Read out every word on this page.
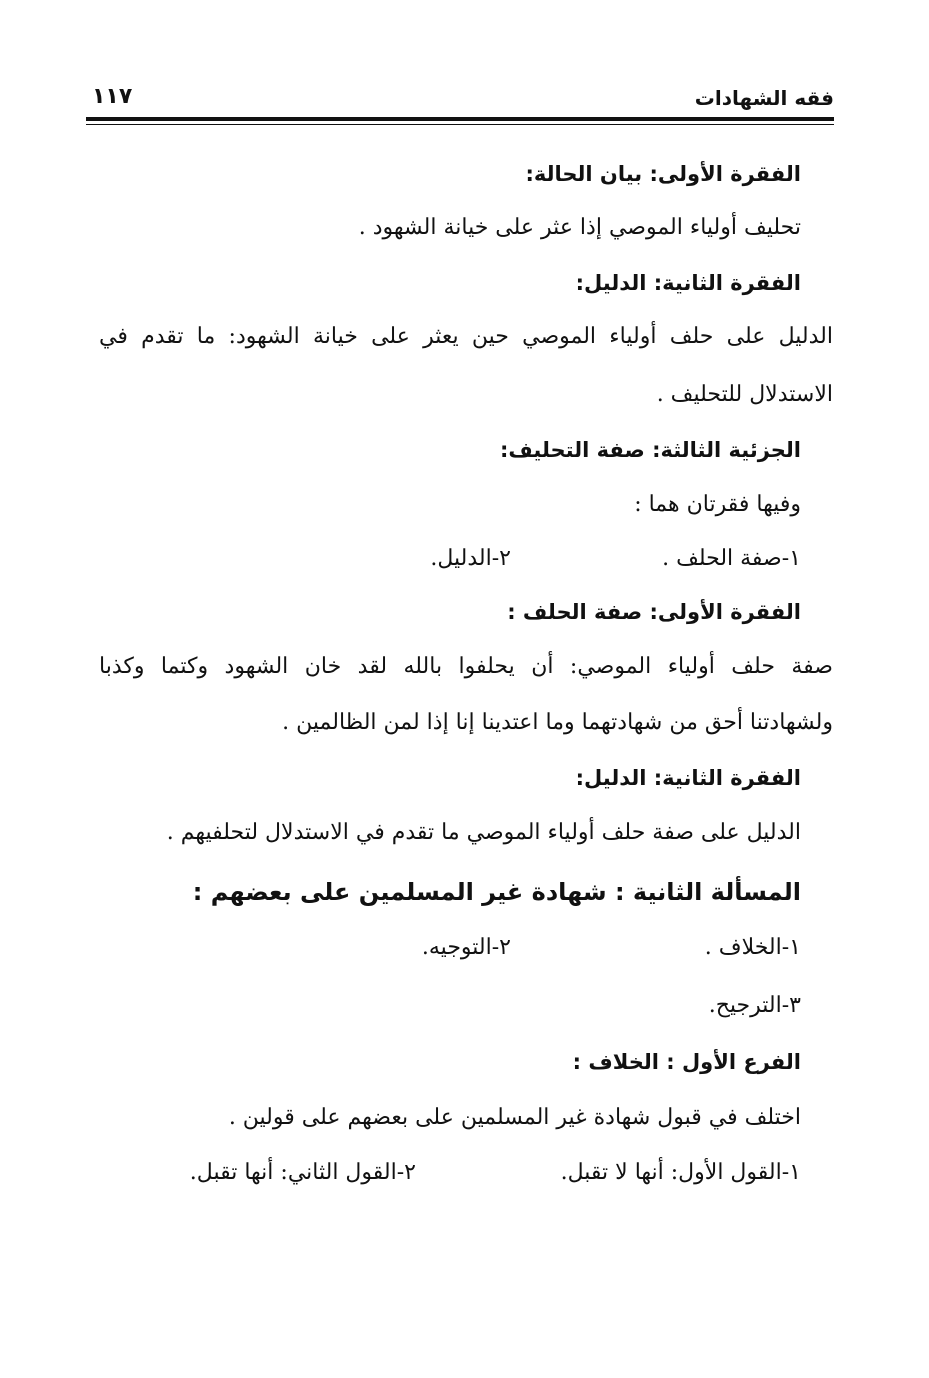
فقه الشهادات
١١٧
الفقرة الأولى: بيان الحالة:
تحليف أولياء الموصي إذا عثر على خيانة الشهود .
الفقرة الثانية: الدليل:
الدليل على حلف أولياء الموصي حين يعثر على خيانة الشهود: ما تقدم في
الاستدلال للتحليف .
الجزئية الثالثة: صفة التحليف:
وفيها فقرتان هما :
١-صفة الحلف .
٢-الدليل.
الفقرة الأولى: صفة الحلف :
صفة حلف أولياء الموصي: أن يحلفوا بالله لقد خان الشهود وكتما وكذبا
ولشهادتنا أحق من شهادتهما وما اعتدينا إنا إذا لمن الظالمين .
الفقرة الثانية: الدليل:
الدليل على صفة حلف أولياء الموصي ما تقدم في الاستدلال لتحلفيهم .
المسألة الثانية : شهادة غير المسلمين على بعضهم :
١-الخلاف .
٢-التوجيه.
٣-الترجيح.
الفرع الأول : الخلاف :
اختلف في قبول شهادة غير المسلمين على بعضهم على قولين .
١-القول الأول: أنها لا تقبل.
٢-القول الثاني: أنها تقبل.
